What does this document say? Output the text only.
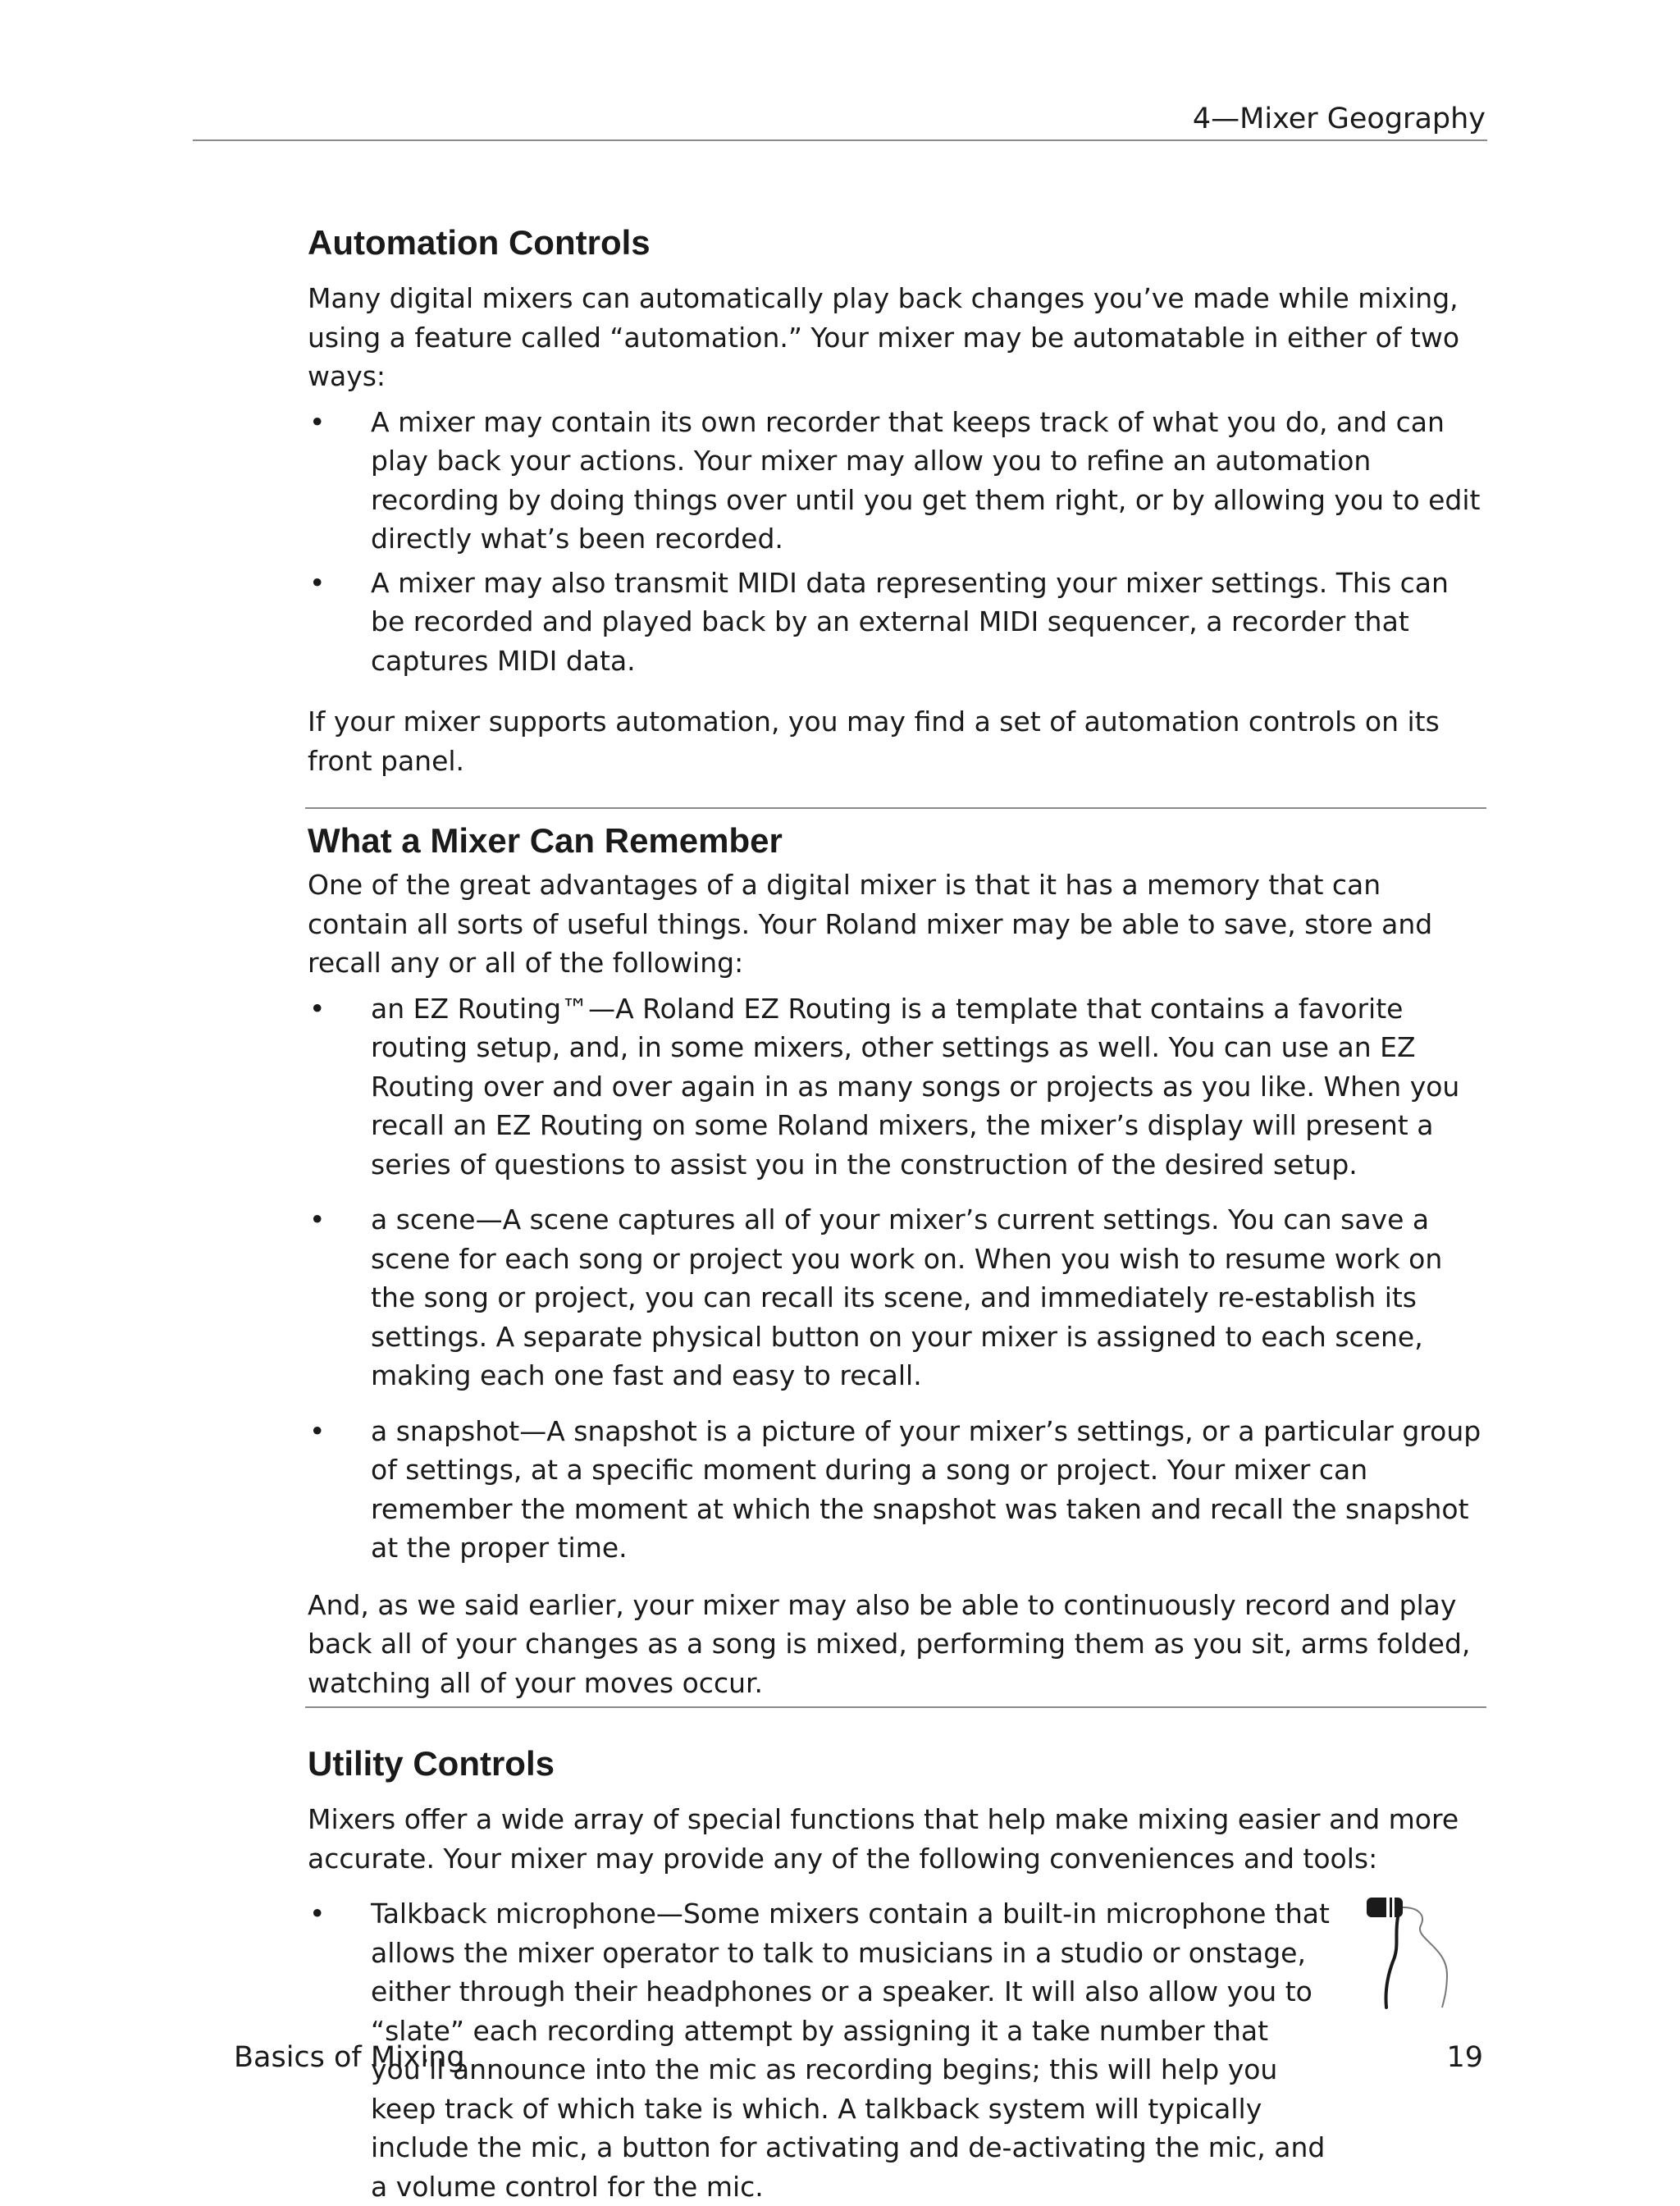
4—Mixer Geography
Automation Controls

Many digital mixers can automatically play back changes you’ve made while mixing, using a feature called “automation.” Your mixer may be automatable in either of two ways:

• A mixer may contain its own recorder that keeps track of what you do, and can play back your actions. Your mixer may allow you to refine an automation recording by doing things over until you get them right, or by allowing you to edit directly what’s been recorded.
• A mixer may also transmit MIDI data representing your mixer settings. This can be recorded and played back by an external MIDI sequencer, a recorder that captures MIDI data.

If your mixer supports automation, you may find a set of automation controls on its front panel.

What a Mixer Can Remember

One of the great advantages of a digital mixer is that it has a memory that can contain all sorts of useful things. Your Roland mixer may be able to save, store and recall any or all of the following:

• an EZ Routing™—A Roland EZ Routing is a template that contains a favorite routing setup, and, in some mixers, other settings as well. You can use an EZ Routing over and over again in as many songs or projects as you like. When you recall an EZ Routing on some Roland mixers, the mixer’s display will present a series of questions to assist you in the construction of the desired setup.
• a scene—A scene captures all of your mixer’s current settings. You can save a scene for each song or project you work on. When you wish to resume work on the song or project, you can recall its scene, and immediately re-establish its settings. A separate physical button on your mixer is assigned to each scene, making each one fast and easy to recall.
• a snapshot—A snapshot is a picture of your mixer’s settings, or a particular group of settings, at a specific moment during a song or project. Your mixer can remember the moment at which the snapshot was taken and recall the snapshot at the proper time.

And, as we said earlier, your mixer may also be able to continuously record and play back all of your changes as a song is mixed, performing them as you sit, arms folded, watching all of your moves occur.

Utility Controls

Mixers offer a wide array of special functions that help make mixing easier and more accurate. Your mixer may provide any of the following conveniences and tools:

• Talkback microphone—Some mixers contain a built-in microphone that allows the mixer operator to talk to musicians in a studio or onstage, either through their headphones or a speaker. It will also allow you to “slate” each recording attempt by assigning it a take number that you’ll announce into the mic as recording begins; this will help you keep track of which take is which. A talkback system will typically include the mic, a button for activating and de-activating the mic, and a volume control for the mic.
Basics of Mixing	19
